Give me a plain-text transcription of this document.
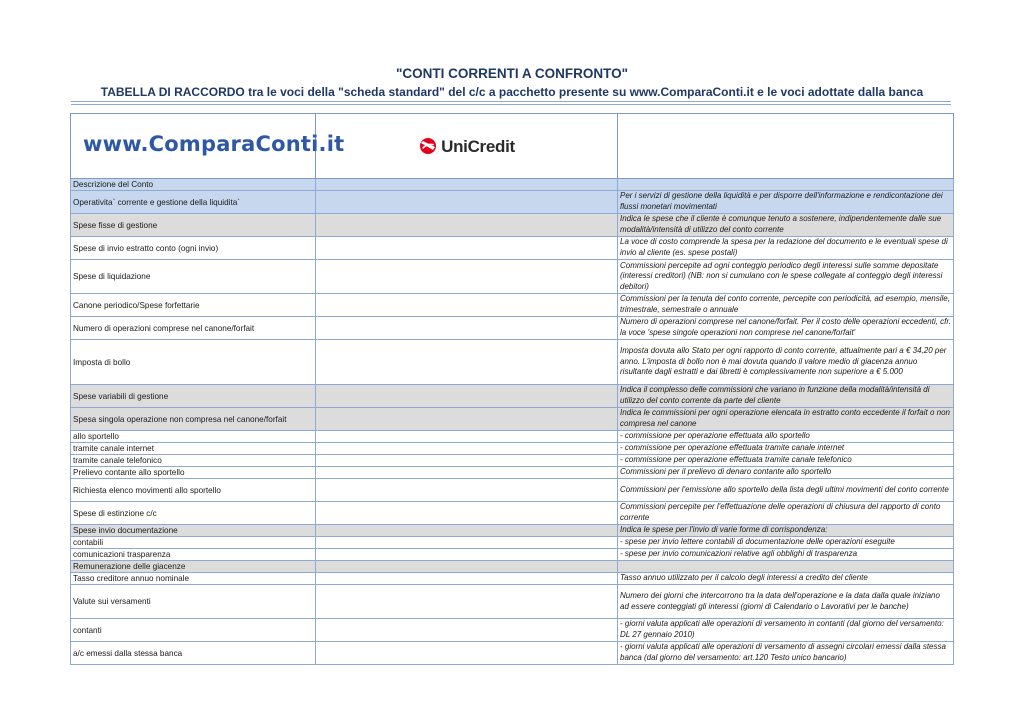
"CONTI CORRENTI A CONFRONTO"
TABELLA DI RACCORDO tra le voci della "scheda standard" del c/c a pacchetto presente su www.ComparaConti.it e le voci adottate dalla banca
www.ComparaConti.it	UniCredit	

Descrizione del Conto		
Operativita` corrente e gestione della liquidita`		Per i servizi di gestione della liquidità e per disporre dell'informazione e rendicontazione dei flussi monetari movimentati
Spese fisse di gestione		Indica le spese che il cliente è comunque tenuto a sostenere, indipendentemente dalle sue modalità/intensità di utilizzo del conto corrente
Spese di invio estratto conto (ogni invio)		La voce di costo comprende la spesa per la redazione del documento e le eventuali spese di invio al cliente (es. spese postali)
Spese di liquidazione		Commissioni percepite ad ogni conteggio periodico degli interessi sulle somme depositate (interessi creditori) (NB: non si cumulano con le spese collegate al conteggio degli interessi debitori)
Canone periodico/Spese forfettarie		Commissioni per la tenuta del conto corrente, percepite con periodicità, ad esempio, mensile, trimestrale, semestrale o annuale
Numero di operazioni comprese nel canone/forfait		Numero di operazioni comprese nel canone/forfait. Per il costo delle operazioni eccedenti, cfr. la voce 'spese singole operazioni non comprese nel canone/forfait'
Imposta di bollo		Imposta dovuta allo Stato per ogni rapporto di conto corrente, attualmente pari a € 34,20 per anno. L'imposta di bollo non è mai dovuta quando il valore medio di giacenza annuo risultante dagli estratti e dai libretti è complessivamente non superiore a € 5.000
Spese variabili di gestione		Indica il complesso delle commissioni che variano in funzione della modalità/intensità di utilizzo del conto corrente da parte del cliente
Spesa singola operazione non compresa nel canone/forfait		Indica le commissioni per ogni operazione elencata in estratto conto eccedente il forfait o non compresa nel canone
allo sportello		- commissione per operazione effettuata allo sportello
tramite canale internet		- commissione per operazione effettuata tramite canale internet
tramite canale telefonico		- commissione per operazione effettuata tramite canale telefonico
Prelievo contante allo sportello		Commissioni per il prelievo di denaro contante allo sportello
Richiesta elenco movimenti allo sportello		Commissioni per l'emissione allo sportello della lista degli ultimi movimenti del conto corrente
Spese di estinzione c/c		Commissioni percepite per l'effettuazione delle operazioni di chiusura del rapporto di conto corrente
Spese invio documentazione		Indica le spese per l'invio di varie forme di corrispondenza:
contabili		- spese per invio lettere contabili di documentazione delle operazioni eseguite
comunicazioni trasparenza		- spese per invio comunicazioni relative agli obblighi di trasparenza
Remunerazione delle giacenze		
Tasso creditore annuo nominale		Tasso annuo utilizzato per il calcolo degli interessi a credito del cliente
Valute sui versamenti		Numero dei giorni che intercorrono tra la data dell'operazione e la data dalla quale iniziano ad essere conteggiati gli interessi (giorni di Calendario o Lavorativi per le banche)
contanti		- giorni valuta applicati alle operazioni di versamento in contanti (dal giorno del versamento: DL 27 gennaio 2010)
a/c emessi dalla stessa banca		- giorni valuta applicati alle operazioni di versamento di assegni circolari emessi dalla stessa banca (dal giorno del versamento: art.120 Testo unico bancario)
